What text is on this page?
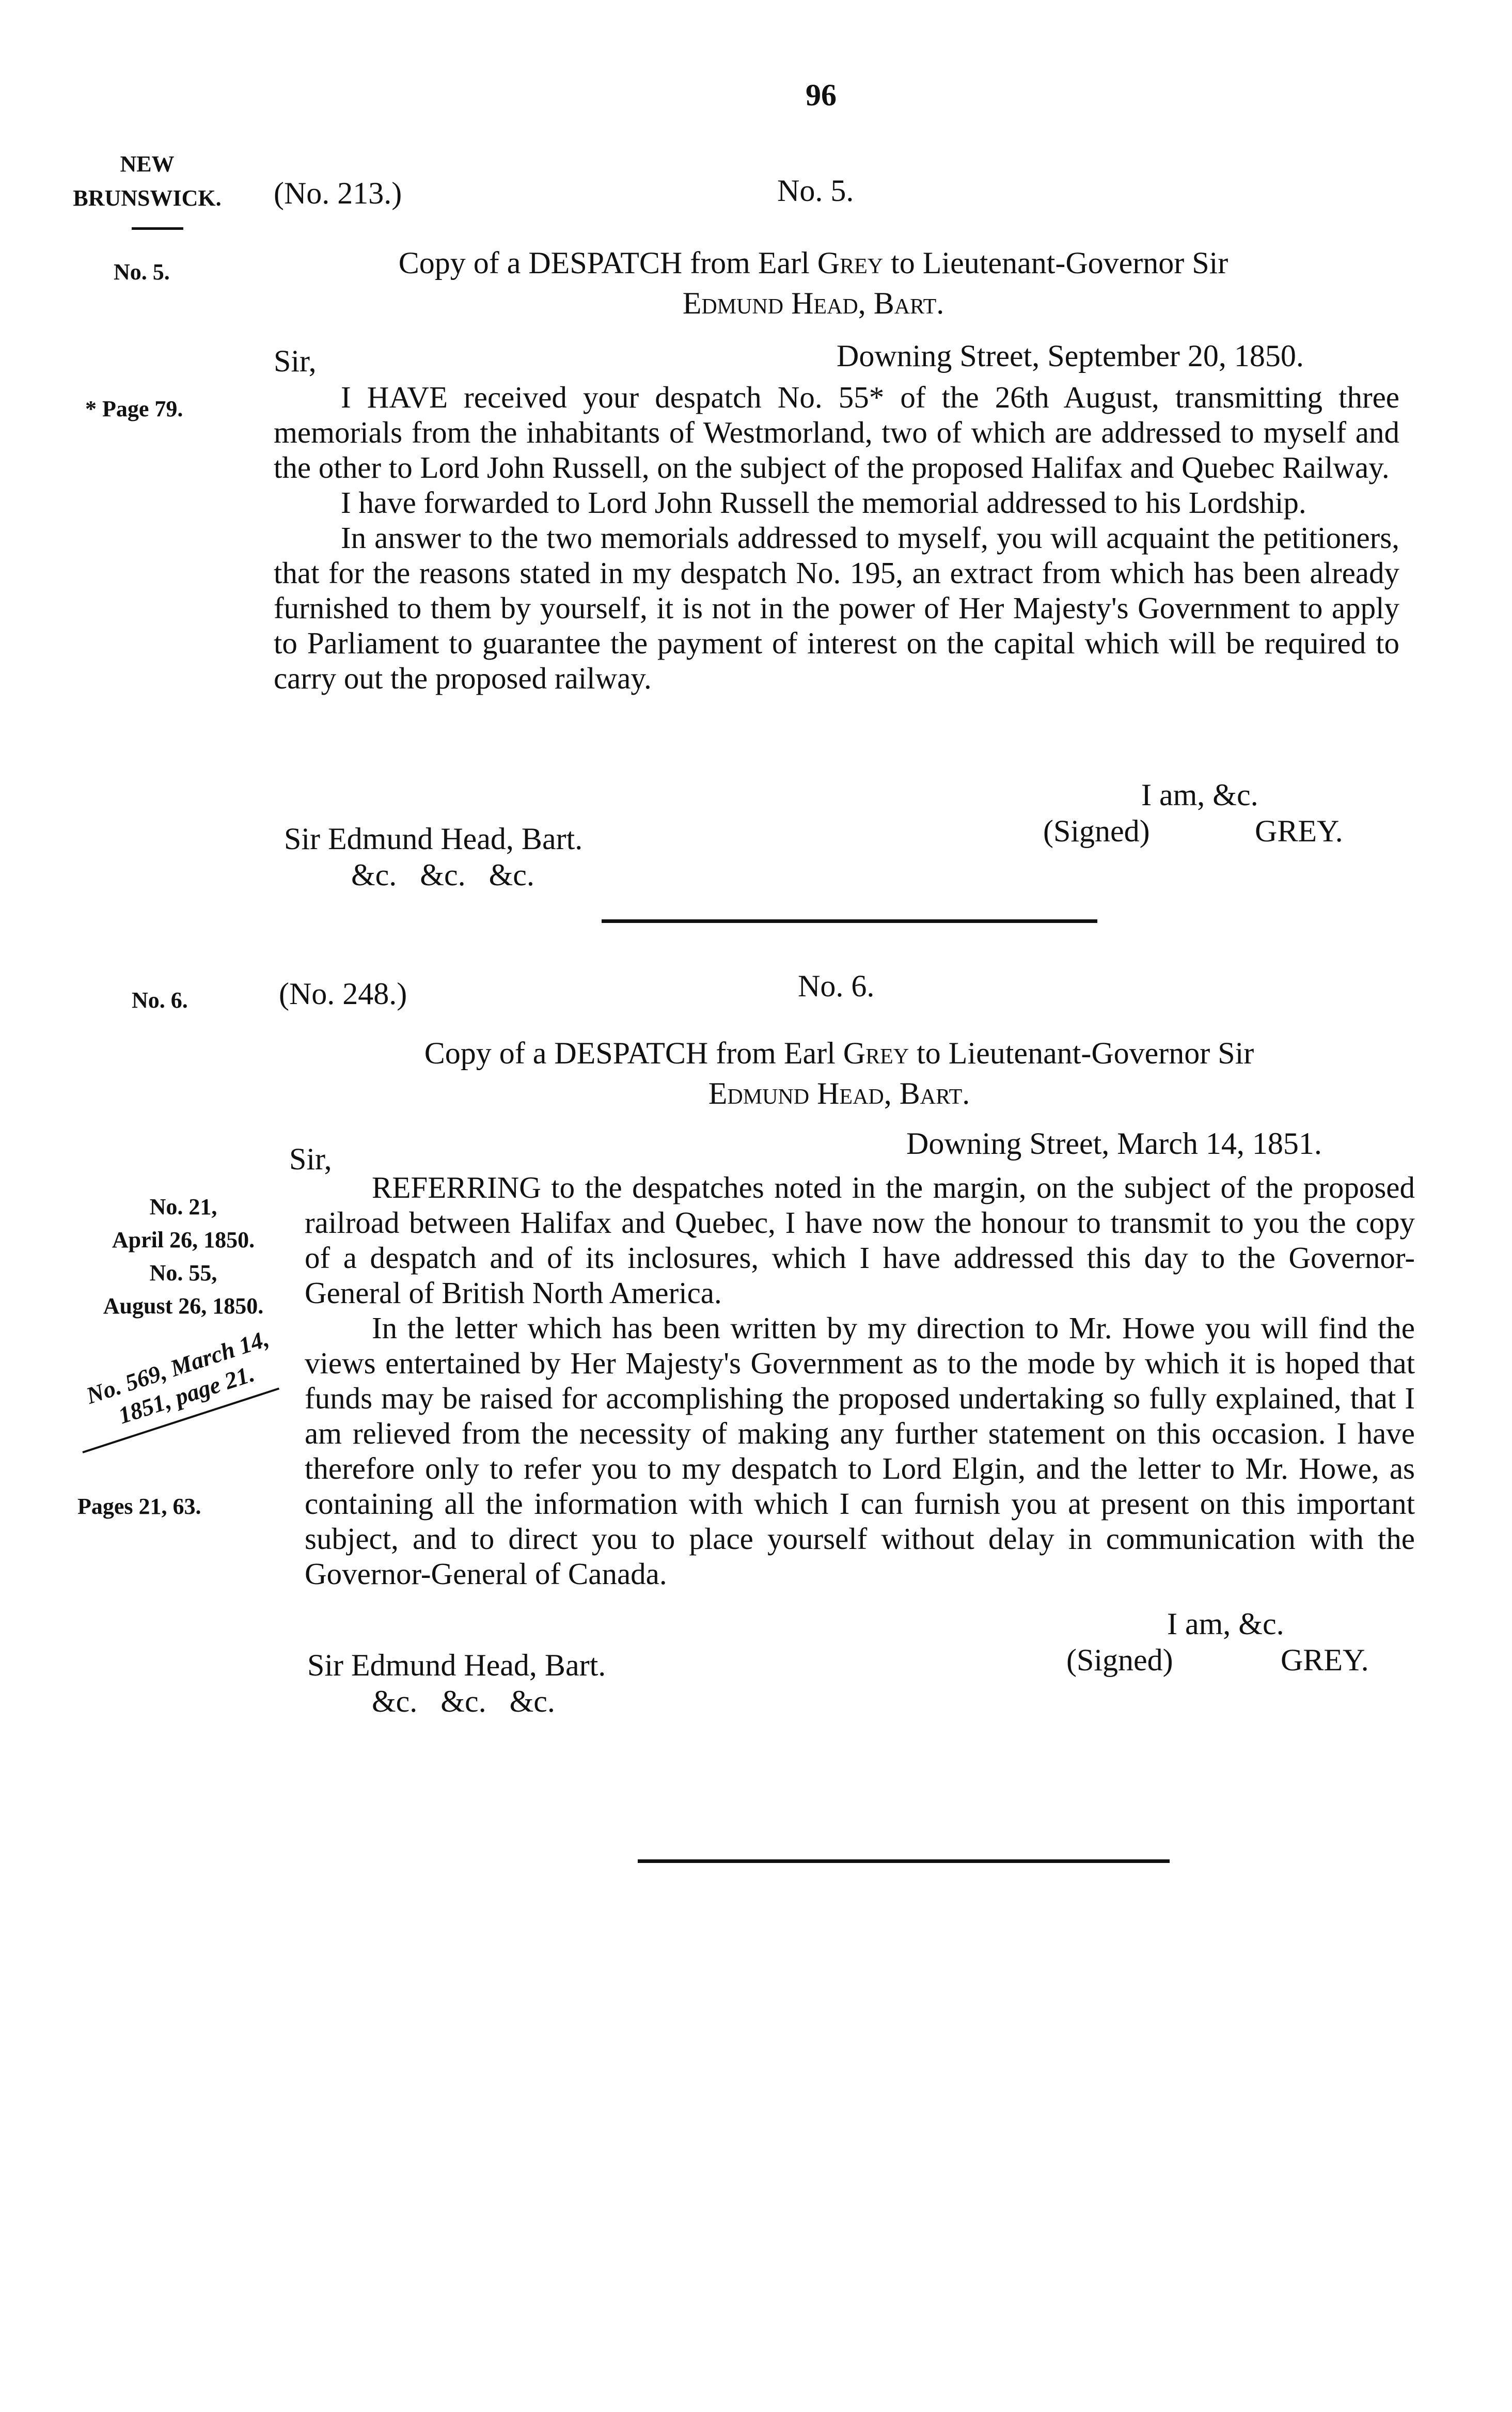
96
NEW BRUNSWICK.
No. 5.
(No. 213.)	No. 5.
Copy of a DESPATCH from Earl Grey to Lieutenant-Governor Sir
Edmund Head, Bart.
Sir,	Downing Street, September 20, 1850.
* Page 79.	I HAVE received your despatch No. 55* of the 26th August, transmitting three memorials from the inhabitants of Westmorland, two of which are addressed to myself and the other to Lord John Russell, on the subject of the proposed Halifax and Quebec Railway.

I have forwarded to Lord John Russell the memorial addressed to his Lordship.

In answer to the two memorials addressed to myself, you will acquaint the petitioners, that for the reasons stated in my despatch No. 195, an extract from which has been already furnished to them by yourself, it is not in the power of Her Majesty's Government to apply to Parliament to guarantee the payment of interest on the capital which will be required to carry out the proposed railway.

I am, &c.
(Signed)	GREY.
Sir Edmund Head, Bart.
&c.   &c.   &c.
No. 6.	(No. 248.)	No. 6.
Copy of a DESPATCH from Earl Grey to Lieutenant-Governor Sir
Edmund Head, Bart.
Sir,	Downing Street, March 14, 1851.
No. 21,
April 26, 1850.
No. 55,
August 26, 1850.
No. 569, March 14, 1851, page 21.
Pages 21, 63.

REFERRING to the despatches noted in the margin, on the subject of the proposed railroad between Halifax and Quebec, I have now the honour to transmit to you the copy of a despatch and of its inclosures, which I have addressed this day to the Governor-General of British North America.

In the letter which has been written by my direction to Mr. Howe you will find the views entertained by Her Majesty's Government as to the mode by which it is hoped that funds may be raised for accomplishing the proposed undertaking so fully explained, that I am relieved from the necessity of making any further statement on this occasion. I have therefore only to refer you to my despatch to Lord Elgin, and the letter to Mr. Howe, as containing all the information with which I can furnish you at present on this important subject, and to direct you to place yourself without delay in communication with the Governor-General of Canada.

I am, &c.
(Signed)	GREY.
Sir Edmund Head, Bart.
&c.   &c.   &c.
